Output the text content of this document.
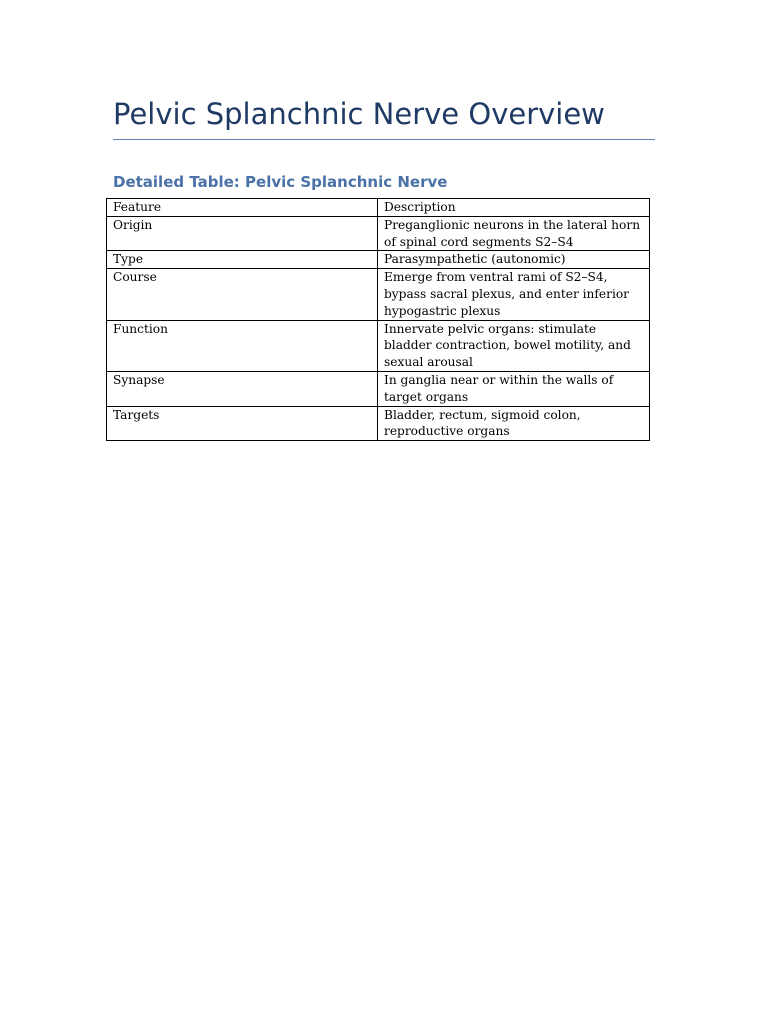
Pelvic Splanchnic Nerve Overview
Detailed Table: Pelvic Splanchnic Nerve
Feature	Description
Origin	Preganglionic neurons in the lateral horn of spinal cord segments S2–S4
Type	Parasympathetic (autonomic)
Course	Emerge from ventral rami of S2–S4, bypass sacral plexus, and enter inferior hypogastric plexus
Function	Innervate pelvic organs: stimulate bladder contraction, bowel motility, and sexual arousal
Synapse	In ganglia near or within the walls of target organs
Targets	Bladder, rectum, sigmoid colon, reproductive organs
